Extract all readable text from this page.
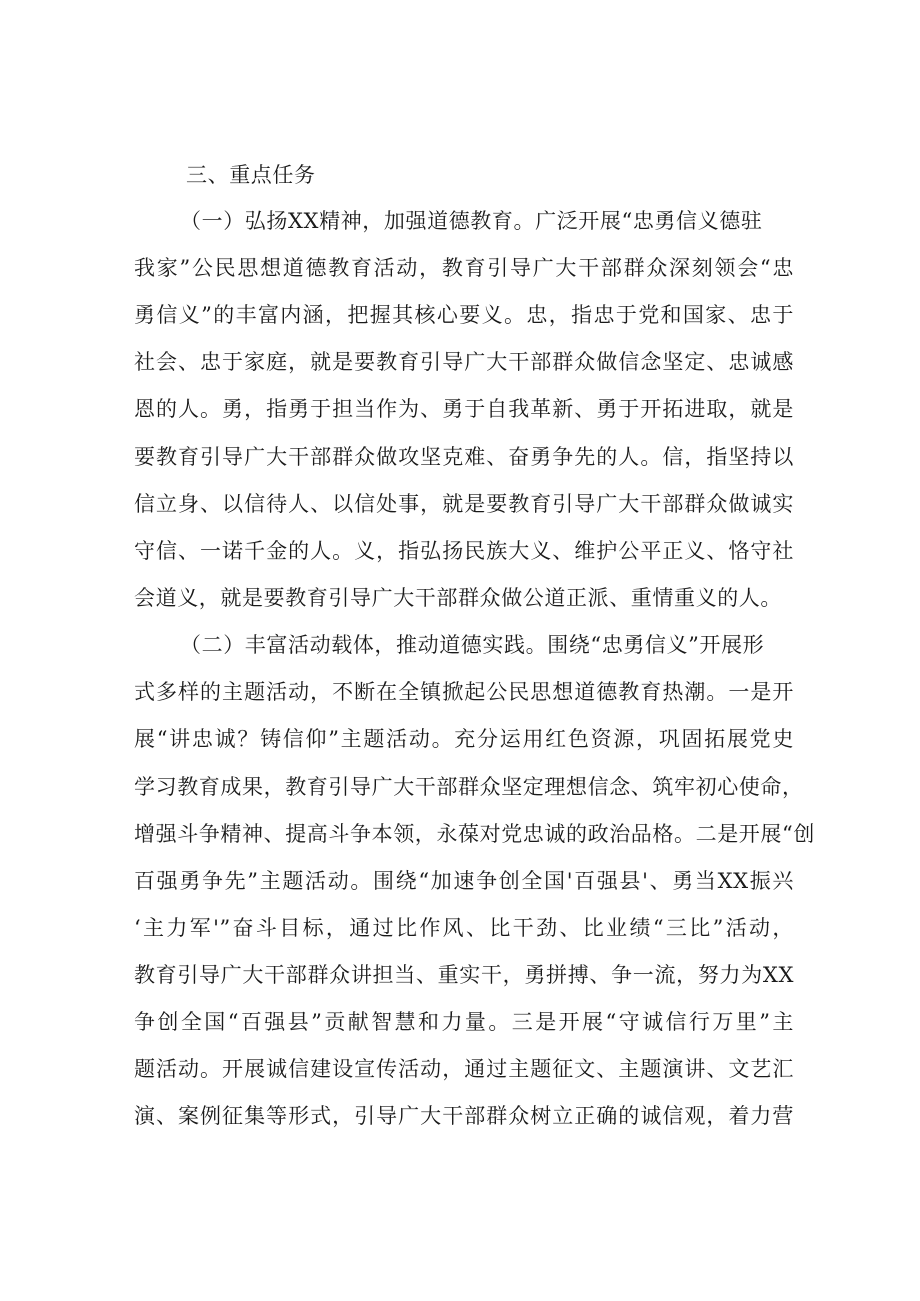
三、重点任务
（一）弘扬XX精神，加强道德教育。广泛开展“忠勇信义德驻
我家”公民思想道德教育活动，教育引导广大干部群众深刻领会“忠
勇信义”的丰富内涵，把握其核心要义。忠，指忠于党和国家、忠于
社会、忠于家庭，就是要教育引导广大干部群众做信念坚定、忠诚感
恩的人。勇，指勇于担当作为、勇于自我革新、勇于开拓进取，就是
要教育引导广大干部群众做攻坚克难、奋勇争先的人。信，指坚持以
信立身、以信待人、以信处事，就是要教育引导广大干部群众做诚实
守信、一诺千金的人。义，指弘扬民族大义、维护公平正义、恪守社
会道义，就是要教育引导广大干部群众做公道正派、重情重义的人。
（二）丰富活动载体，推动道德实践。围绕“忠勇信义”开展形
式多样的主题活动，不断在全镇掀起公民思想道德教育热潮。一是开
展“讲忠诚？铸信仰”主题活动。充分运用红色资源，巩固拓展党史
学习教育成果，教育引导广大干部群众坚定理想信念、筑牢初心使命，
增强斗争精神、提高斗争本领，永葆对党忠诚的政治品格。二是开展“创
百强勇争先”主题活动。围绕“加速争创全国'百强县'、勇当XX振兴
‘主力军'”奋斗目标，通过比作风、比干劲、比业绩“三比”活动，
教育引导广大干部群众讲担当、重实干，勇拼搏、争一流，努力为XX
争创全国“百强县”贡献智慧和力量。三是开展“守诚信行万里”主
题活动。开展诚信建设宣传活动，通过主题征文、主题演讲、文艺汇
演、案例征集等形式，引导广大干部群众树立正确的诚信观，着力营
